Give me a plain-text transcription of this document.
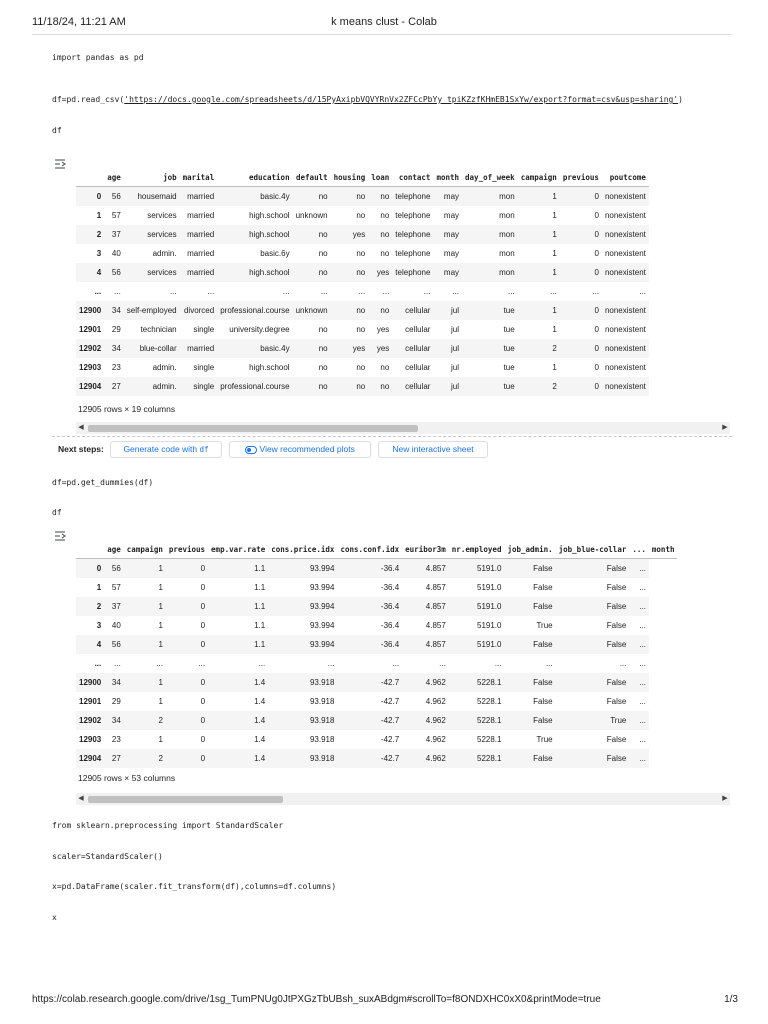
11/18/24, 11:21 AM	k means clust - Colab
import pandas as pd
df=pd.read_csv('https://docs.google.com/spreadsheets/d/15PyAxipbVQVYRnVx2ZFCcPbYy_tpiKZzfKHmEB1SxYw/export?format=csv&usp=sharing')
df
	age	job	marital	education	default	housing	loan	contact	month	day_of_week	campaign	previous	poutcome
0	56	housemaid	married	basic.4y	no	no	no	telephone	may	mon	1	0	nonexistent
1	57	services	married	high.school	unknown	no	no	telephone	may	mon	1	0	nonexistent
2	37	services	married	high.school	no	yes	no	telephone	may	mon	1	0	nonexistent
3	40	admin.	married	basic.6y	no	no	no	telephone	may	mon	1	0	nonexistent
4	56	services	married	high.school	no	no	yes	telephone	may	mon	1	0	nonexistent
...	...	...	...	...	...	...	...	...	...	...	...	...	...
12900	34	self-employed	divorced	professional.course	unknown	no	no	cellular	jul	tue	1	0	nonexistent
12901	29	technician	single	university.degree	no	no	yes	cellular	jul	tue	1	0	nonexistent
12902	34	blue-collar	married	basic.4y	no	yes	yes	cellular	jul	tue	2	0	nonexistent
12903	23	admin.	single	high.school	no	no	no	cellular	jul	tue	1	0	nonexistent
12904	27	admin.	single	professional.course	no	no	no	cellular	jul	tue	2	0	nonexistent
12905 rows × 19 columns
◀	▶
Next steps:	Generate code with df	View recommended plots	New interactive sheet
df=pd.get_dummies(df)
df
	age	campaign	previous	emp.var.rate	cons.price.idx	cons.conf.idx	euribor3m	nr.employed	job_admin.	job_blue-collar	...	month
0	56	1	0	1.1	93.994	-36.4	4.857	5191.0	False	False	...	
1	57	1	0	1.1	93.994	-36.4	4.857	5191.0	False	False	...	
2	37	1	0	1.1	93.994	-36.4	4.857	5191.0	False	False	...	
3	40	1	0	1.1	93.994	-36.4	4.857	5191.0	True	False	...	
4	56	1	0	1.1	93.994	-36.4	4.857	5191.0	False	False	...	
...	...	...	...	...	...	...	...	...	...	...	...	
12900	34	1	0	1.4	93.918	-42.7	4.962	5228.1	False	False	...	
12901	29	1	0	1.4	93.918	-42.7	4.962	5228.1	False	False	...	
12902	34	2	0	1.4	93.918	-42.7	4.962	5228.1	False	True	...	
12903	23	1	0	1.4	93.918	-42.7	4.962	5228.1	True	False	...	
12904	27	2	0	1.4	93.918	-42.7	4.962	5228.1	False	False	...	
12905 rows × 53 columns
◀	▶
from sklearn.preprocessing import StandardScaler
scaler=StandardScaler()
x=pd.DataFrame(scaler.fit_transform(df),columns=df.columns)
x
https://colab.research.google.com/drive/1sg_TumPNUg0JtPXGzTbUBsh_suxABdgm#scrollTo=f8ONDXHC0xX0&printMode=true	1/3
